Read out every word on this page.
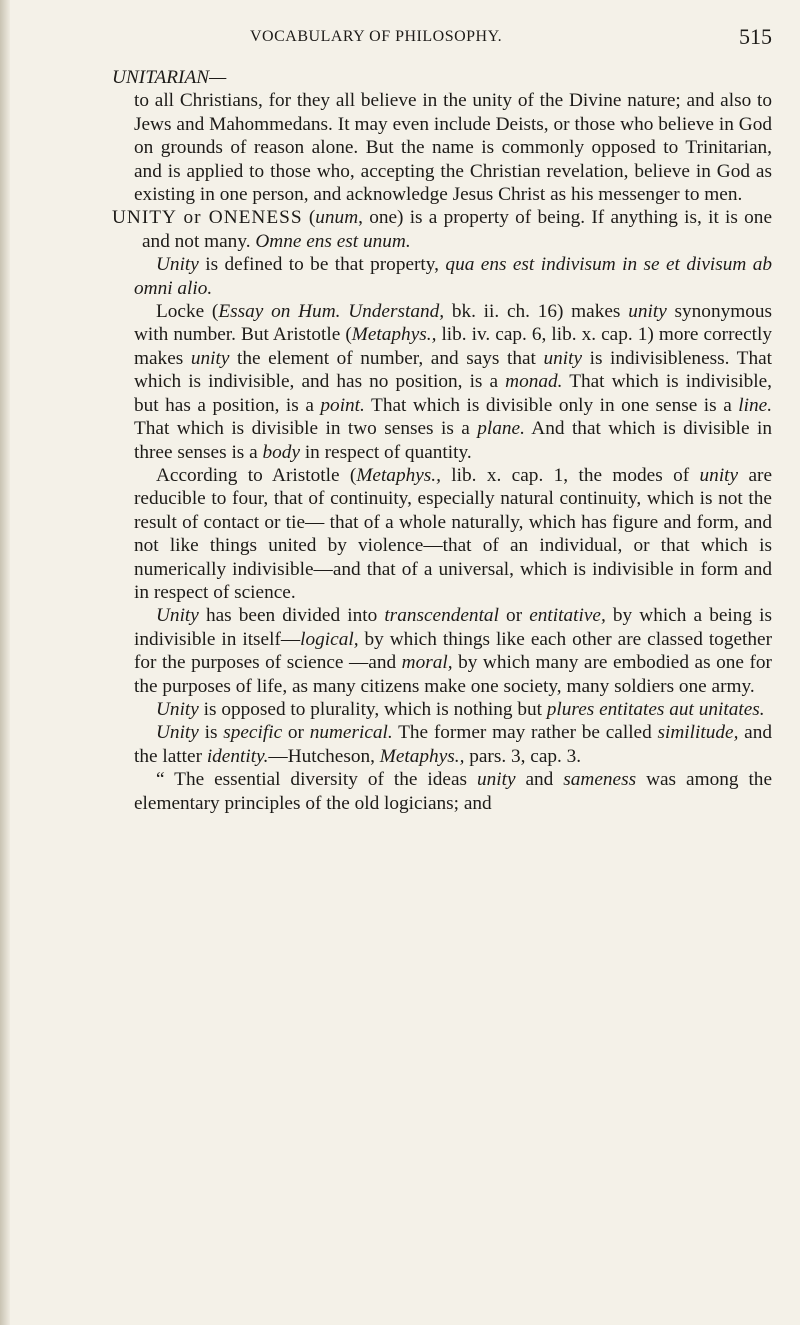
VOCABULARY OF PHILOSOPHY.	515

UNITARIAN—

to all Christians, for they all believe in the unity of the Divine nature; and also to Jews and Mahommedans. It may even include Deists, or those who believe in God on grounds of reason alone. But the name is commonly opposed to Trinitarian, and is applied to those who, accepting the Christian revelation, believe in God as existing in one person, and acknowledge Jesus Christ as his messenger to men.

UNITY or ONENESS (unum, one) is a property of being. If anything is, it is one and not many. Omne ens est unum.

Unity is defined to be that property, qua ens est indivisum in se et divisum ab omni alio.

Locke (Essay on Hum. Understand, bk. ii. ch. 16) makes unity synonymous with number. But Aristotle (Metaphys., lib. iv. cap. 6, lib. x. cap. 1) more correctly makes unity the element of number, and says that unity is indivisibleness. That which is indivisible, and has no position, is a monad. That which is indivisible, but has a position, is a point. That which is divisible only in one sense is a line. That which is divisible in two senses is a plane. And that which is divisible in three senses is a body in respect of quantity.

According to Aristotle (Metaphys., lib. x. cap. 1, the modes of unity are reducible to four, that of continuity, especially natural continuity, which is not the result of contact or tie— that of a whole naturally, which has figure and form, and not like things united by violence—that of an individual, or that which is numerically indivisible—and that of a universal, which is indivisible in form and in respect of science.

Unity has been divided into transcendental or entitative, by which a being is indivisible in itself—logical, by which things like each other are classed together for the purposes of science —and moral, by which many are embodied as one for the purposes of life, as many citizens make one society, many soldiers one army.

Unity is opposed to plurality, which is nothing but plures entitates aut unitates.

Unity is specific or numerical. The former may rather be called similitude, and the latter identity.—Hutcheson, Metaphys., pars. 3, cap. 3.

“ The essential diversity of the ideas unity and sameness was among the elementary principles of the old logicians; and
